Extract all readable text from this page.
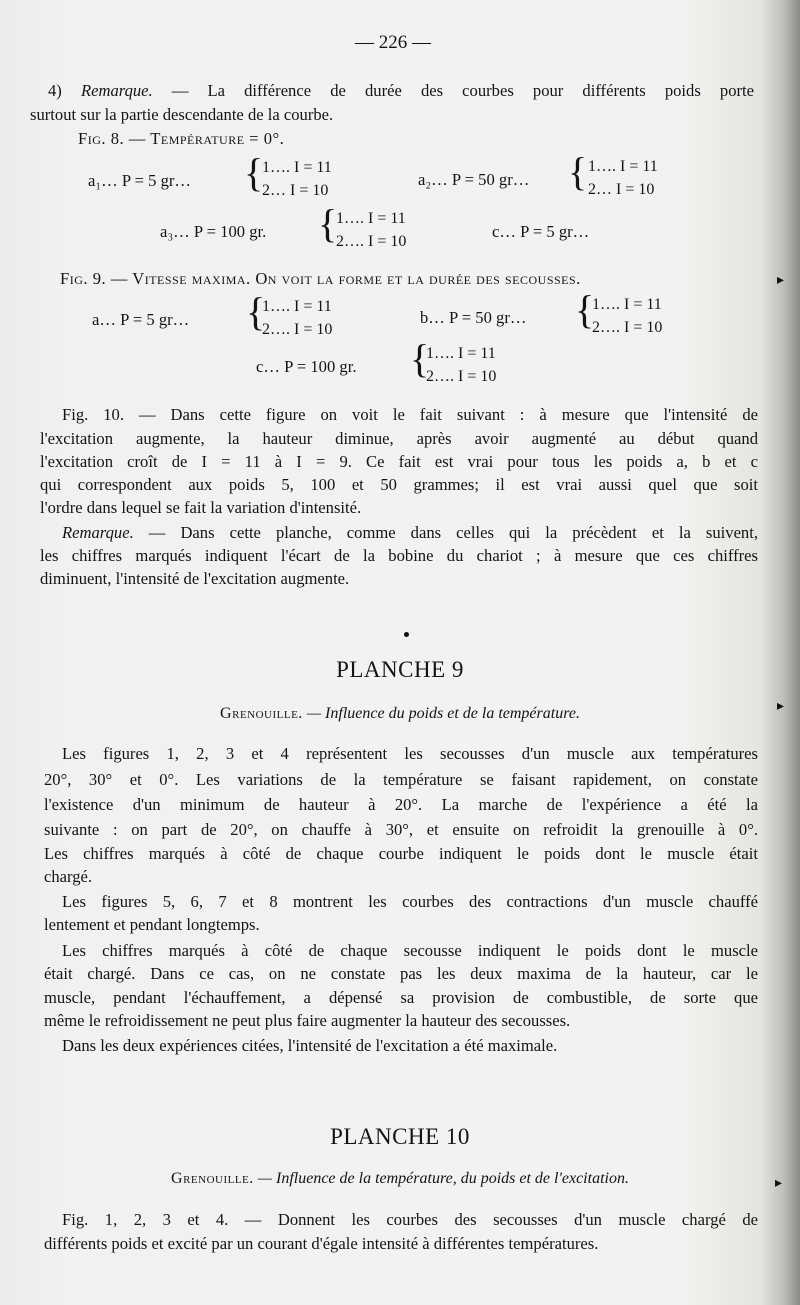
— 226 —
4) Remarque. — La différence de durée des courbes pour différents poids porte
surtout sur la partie descendante de la courbe.
Fig. 8. — Température = 0°.
a₁… P = 5 gr… {
1…. I = 11
2… I = 10
a₂… P = 50 gr… { 1…. I = 11
2… I = 10
a₃… P = 100 gr. {
1…. I = 11
2…. I = 10
c… P = 5 gr…
Fig. 9. — Vitesse maxima. On voit la forme et la durée des secousses.
a… P = 5 gr… {
1…. I = 11
2…. I = 10
b… P = 50 gr… {
1…. I = 11
2…. I = 10
c… P = 100 gr. {
1…. I = 11
2…. I = 10
Fig. 10. — Dans cette figure on voit le fait suivant : à mesure que l'intensité de
l'excitation augmente, la hauteur diminue, après avoir augmenté au début quand
l'excitation croît de I = 11 à I = 9. Ce fait est vrai pour tous les poids a, b et c
qui correspondent aux poids 5, 100 et 50 grammes; il est vrai aussi quel que soit
l'ordre dans lequel se fait la variation d'intensité.
Remarque. — Dans cette planche, comme dans celles qui la précèdent et la suivent,
les chiffres marqués indiquent l'écart de la bobine du chariot ; à mesure que ces chiffres
diminuent, l'intensité de l'excitation augmente.
PLANCHE 9
Grenouille. — Influence du poids et de la température.
Les figures 1, 2, 3 et 4 représentent les secousses d'un muscle aux températures
20°, 30° et 0°. Les variations de la température se faisant rapidement, on constate
l'existence d'un minimum de hauteur à 20°. La marche de l'expérience a été la
suivante : on part de 20°, on chauffe à 30°, et ensuite on refroidit la grenouille à 0°.
Les chiffres marqués à côté de chaque courbe indiquent le poids dont le muscle était
chargé.
Les figures 5, 6, 7 et 8 montrent les courbes des contractions d'un muscle chauffé
lentement et pendant longtemps.
Les chiffres marqués à côté de chaque secousse indiquent le poids dont le muscle
était chargé. Dans ce cas, on ne constate pas les deux maxima de la hauteur, car le
muscle, pendant l'échauffement, a dépensé sa provision de combustible, de sorte que
même le refroidissement ne peut plus faire augmenter la hauteur des secousses.
Dans les deux expériences citées, l'intensité de l'excitation a été maximale.
PLANCHE 10
Grenouille. — Influence de la température, du poids et de l'excitation.
Fig. 1, 2, 3 et 4. — Donnent les courbes des secousses d'un muscle chargé de
différents poids et excité par un courant d'égale intensité à différentes températures.
▸
▸
▸
